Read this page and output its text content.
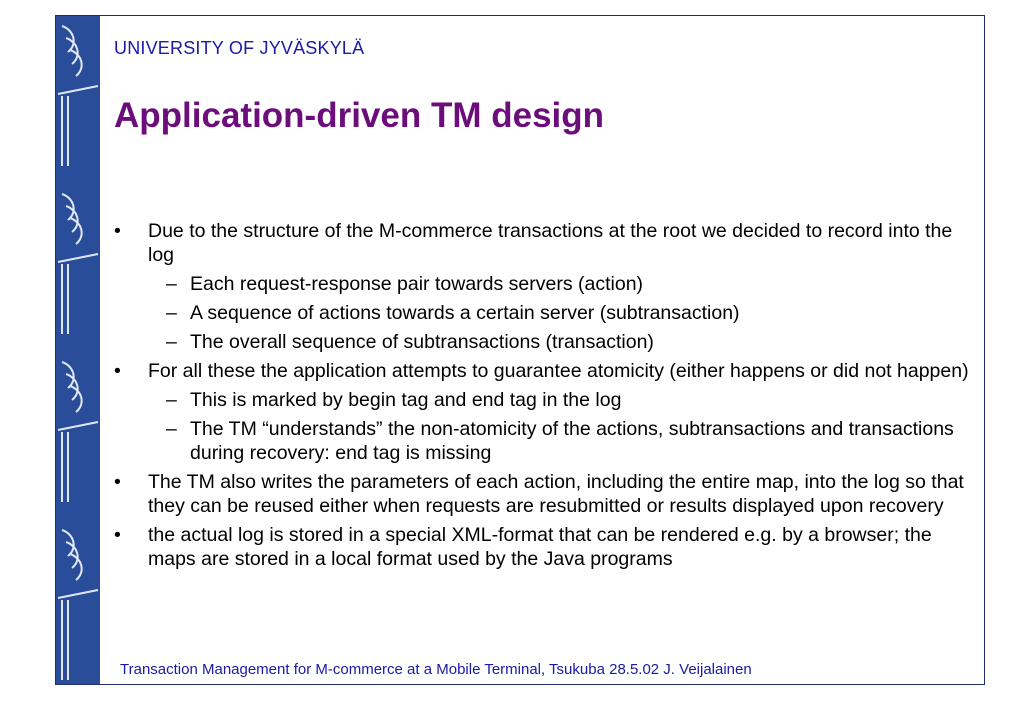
UNIVERSITY OF JYVÄSKYLÄ
Application-driven TM design
•	Due to the structure of the M-commerce transactions at the root we decided to record into the log
– Each request-response pair towards servers (action)
– A sequence of actions towards a certain server (subtransaction)
– The overall sequence of subtransactions (transaction)
•	For all these the application attempts to guarantee atomicity (either happens or did not happen)
– This is marked by begin tag and end tag in the log
– The TM “understands” the non-atomicity of the actions, subtransactions and transactions during recovery: end tag is missing
•	The TM also writes the parameters of each action, including the entire map, into the log so that they can be reused either when requests are resubmitted or results displayed upon recovery
•	the actual log is stored in a special XML-format that can be rendered e.g. by a browser; the maps are stored in a local format used by the Java programs
Transaction Management for M-commerce at a Mobile Terminal, Tsukuba 28.5.02 J. Veijalainen
